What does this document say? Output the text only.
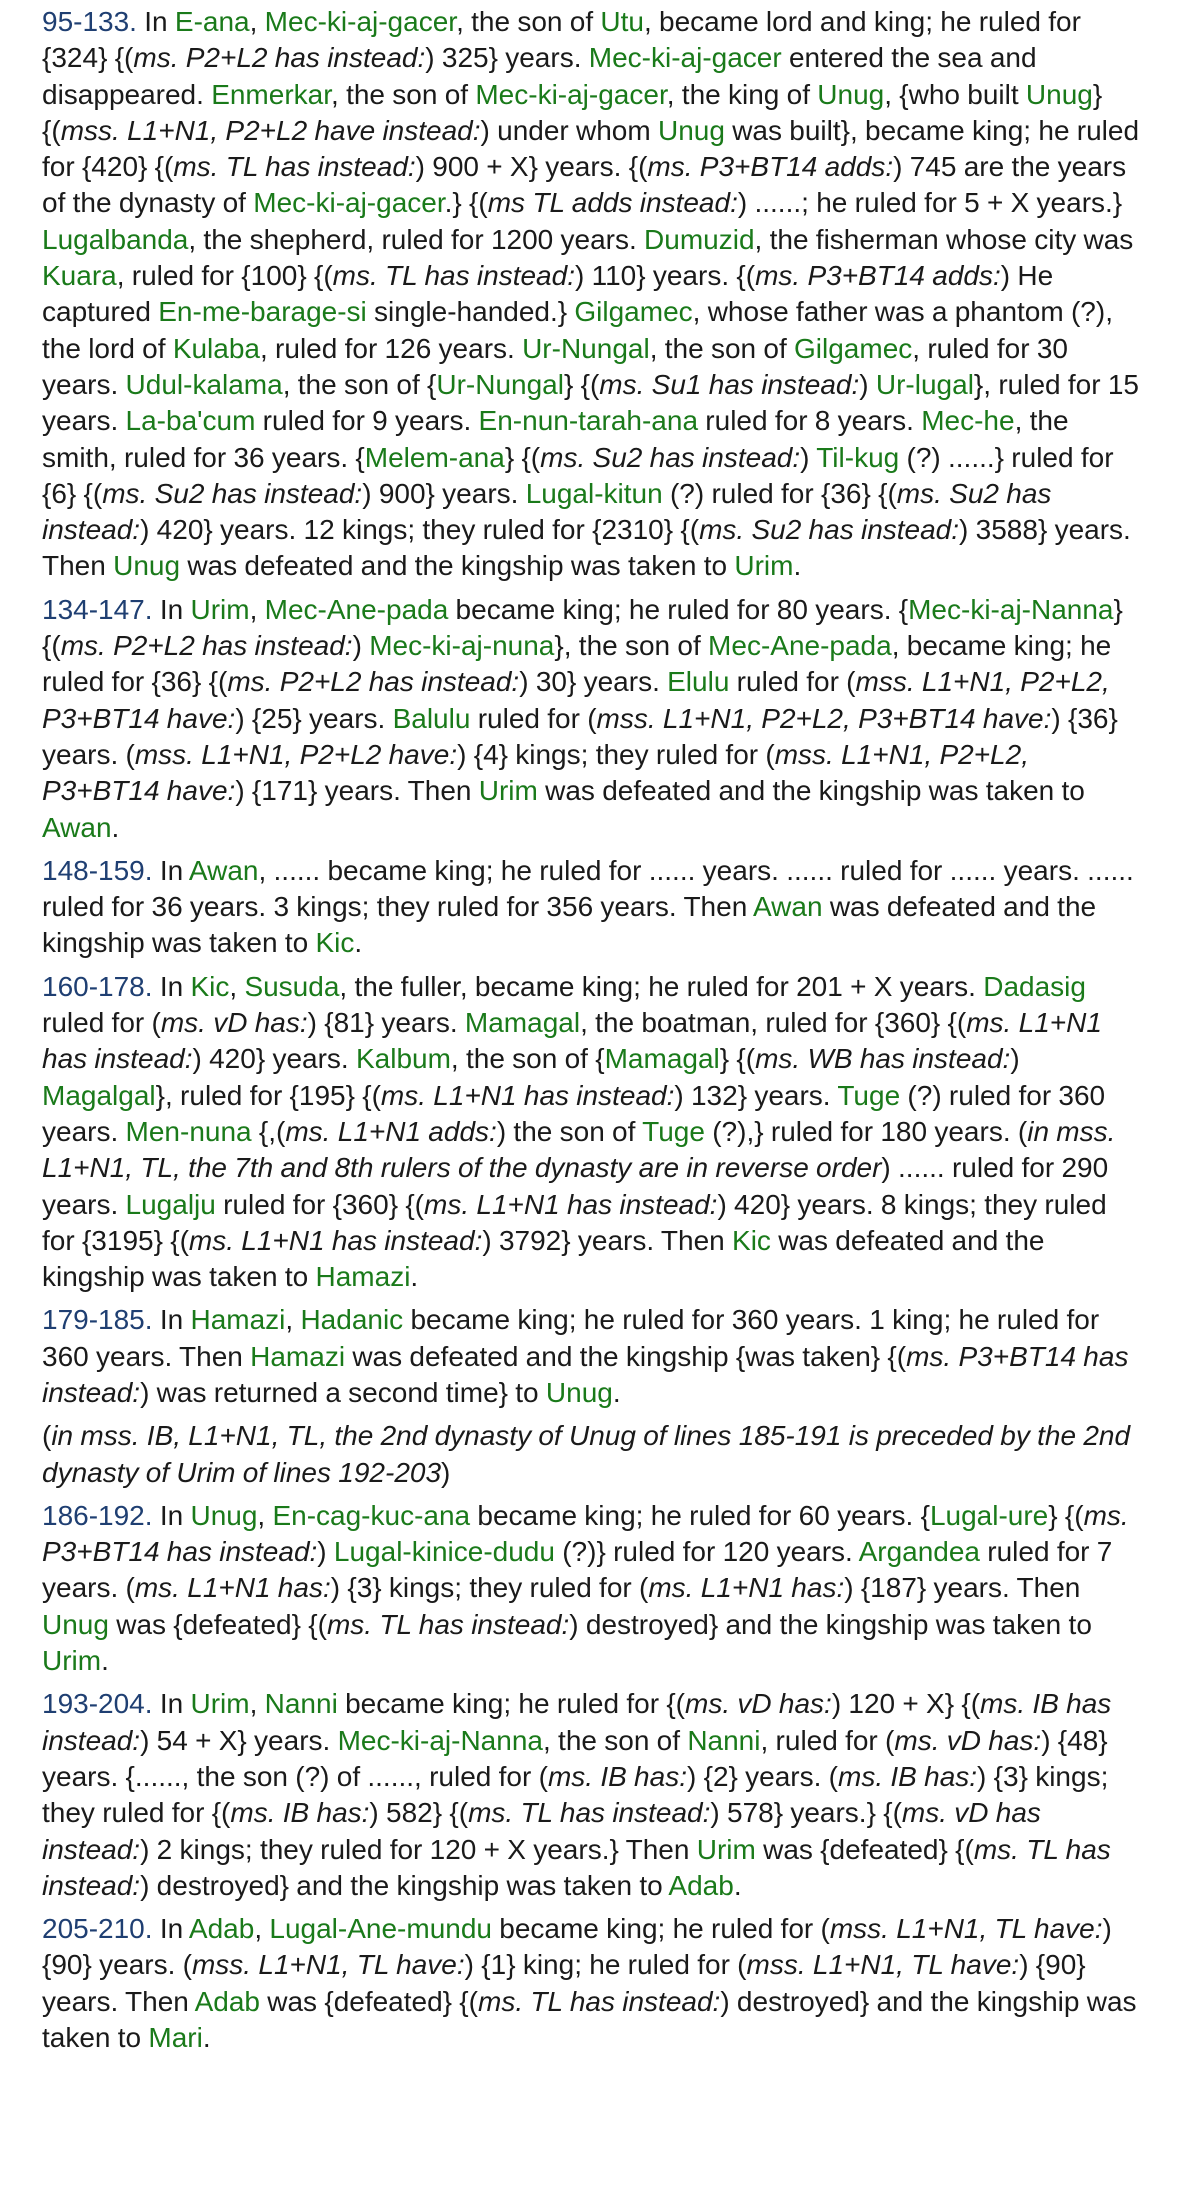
95-133. In E-ana, Mec-ki-aj-gacer, the son of Utu, became lord and king; he ruled for {324} {(ms. P2+L2 has instead:) 325} years. Mec-ki-aj-gacer entered the sea and disappeared. Enmerkar, the son of Mec-ki-aj-gacer, the king of Unug, {who built Unug} {(mss. L1+N1, P2+L2 have instead:) under whom Unug was built}, became king; he ruled for {420} {(ms. TL has instead:) 900 + X} years. {(ms. P3+BT14 adds:) 745 are the years of the dynasty of Mec-ki-aj-gacer.} {(ms TL adds instead:) ......; he ruled for 5 + X years.} Lugalbanda, the shepherd, ruled for 1200 years. Dumuzid, the fisherman whose city was Kuara, ruled for {100} {(ms. TL has instead:) 110} years. {(ms. P3+BT14 adds:) He captured En-me-barage-si single-handed.} Gilgamec, whose father was a phantom (?), the lord of Kulaba, ruled for 126 years. Ur-Nungal, the son of Gilgamec, ruled for 30 years. Udul-kalama, the son of {Ur-Nungal} {(ms. Su1 has instead:) Ur-lugal}, ruled for 15 years. La-ba'cum ruled for 9 years. En-nun-tarah-ana ruled for 8 years. Mec-he, the smith, ruled for 36 years. {Melem-ana} {(ms. Su2 has instead:) Til-kug (?) ......} ruled for {6} {(ms. Su2 has instead:) 900} years. Lugal-kitun (?) ruled for {36} {(ms. Su2 has instead:) 420} years. 12 kings; they ruled for {2310} {(ms. Su2 has instead:) 3588} years. Then Unug was defeated and the kingship was taken to Urim.

134-147. In Urim, Mec-Ane-pada became king; he ruled for 80 years. {Mec-ki-aj-Nanna} {(ms. P2+L2 has instead:) Mec-ki-aj-nuna}, the son of Mec-Ane-pada, became king; he ruled for {36} {(ms. P2+L2 has instead:) 30} years. Elulu ruled for (mss. L1+N1, P2+L2, P3+BT14 have:) {25} years. Balulu ruled for (mss. L1+N1, P2+L2, P3+BT14 have:) {36} years. (mss. L1+N1, P2+L2 have:) {4} kings; they ruled for (mss. L1+N1, P2+L2, P3+BT14 have:) {171} years. Then Urim was defeated and the kingship was taken to Awan.

148-159. In Awan, ...... became king; he ruled for ...... years. ...... ruled for ...... years. ...... ruled for 36 years. 3 kings; they ruled for 356 years. Then Awan was defeated and the kingship was taken to Kic.

160-178. In Kic, Susuda, the fuller, became king; he ruled for 201 + X years. Dadasig ruled for (ms. vD has:) {81} years. Mamagal, the boatman, ruled for {360} {(ms. L1+N1 has instead:) 420} years. Kalbum, the son of {Mamagal} {(ms. WB has instead:) Magalgal}, ruled for {195} {(ms. L1+N1 has instead:) 132} years. Tuge (?) ruled for 360 years. Men-nuna {,(ms. L1+N1 adds:) the son of Tuge (?),} ruled for 180 years. (in mss. L1+N1, TL, the 7th and 8th rulers of the dynasty are in reverse order) ...... ruled for 290 years. Lugalju ruled for {360} {(ms. L1+N1 has instead:) 420} years. 8 kings; they ruled for {3195} {(ms. L1+N1 has instead:) 3792} years. Then Kic was defeated and the kingship was taken to Hamazi.

179-185. In Hamazi, Hadanic became king; he ruled for 360 years. 1 king; he ruled for 360 years. Then Hamazi was defeated and the kingship {was taken} {(ms. P3+BT14 has instead:) was returned a second time} to Unug.

(in mss. IB, L1+N1, TL, the 2nd dynasty of Unug of lines 185-191 is preceded by the 2nd dynasty of Urim of lines 192-203)

186-192. In Unug, En-cag-kuc-ana became king; he ruled for 60 years. {Lugal-ure} {(ms. P3+BT14 has instead:) Lugal-kinice-dudu (?)} ruled for 120 years. Argandea ruled for 7 years. (ms. L1+N1 has:) {3} kings; they ruled for (ms. L1+N1 has:) {187} years. Then Unug was {defeated} {(ms. TL has instead:) destroyed} and the kingship was taken to Urim.

193-204. In Urim, Nanni became king; he ruled for {(ms. vD has:) 120 + X} {(ms. IB has instead:) 54 + X} years. Mec-ki-aj-Nanna, the son of Nanni, ruled for (ms. vD has:) {48} years. {......, the son (?) of ......, ruled for (ms. IB has:) {2} years. (ms. IB has:) {3} kings; they ruled for {(ms. IB has:) 582} {(ms. TL has instead:) 578} years.} {(ms. vD has instead:) 2 kings; they ruled for 120 + X years.} Then Urim was {defeated} {(ms. TL has instead:) destroyed} and the kingship was taken to Adab.

205-210. In Adab, Lugal-Ane-mundu became king; he ruled for (mss. L1+N1, TL have:) {90} years. (mss. L1+N1, TL have:) {1} king; he ruled for (mss. L1+N1, TL have:) {90} years. Then Adab was {defeated} {(ms. TL has instead:) destroyed} and the kingship was taken to Mari.
